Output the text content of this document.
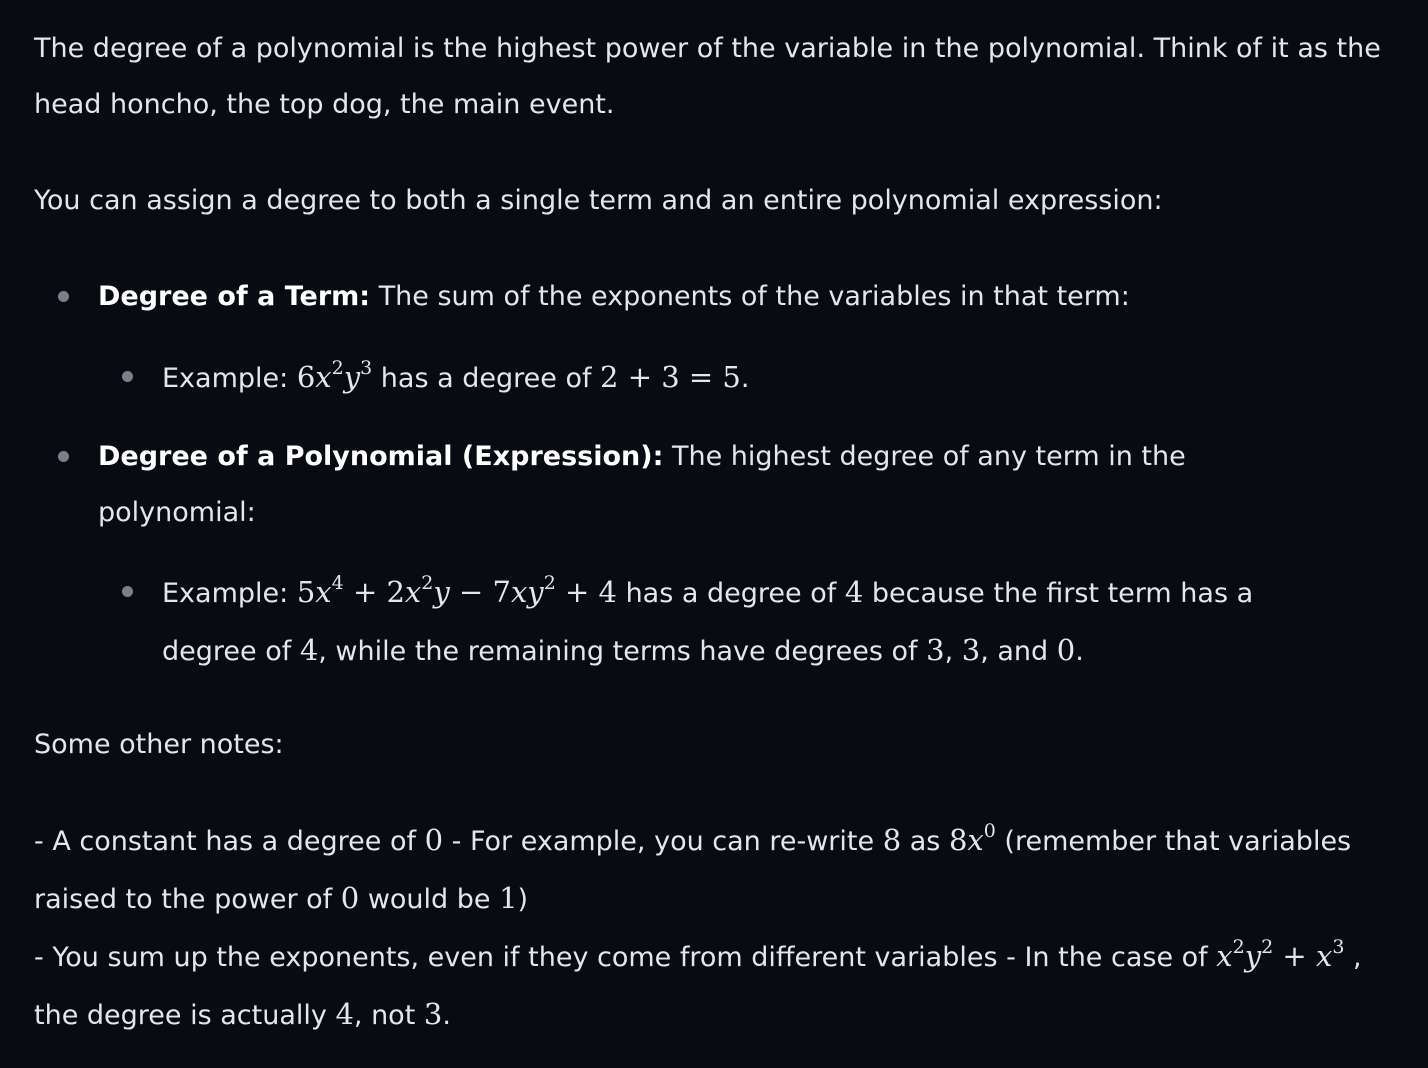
The degree of a polynomial is the highest power of the variable in the polynomial. Think of it as the head honcho, the top dog, the main event.

You can assign a degree to both a single term and an entire polynomial expression:

Degree of a Term: The sum of the exponents of the variables in that term:
Example: $6x^2y^3$ has a degree of 2 + 3 = 5.
Degree of a Polynomial (Expression): The highest degree of any term in the polynomial:
Example: $5x^4 + 2x^2y - 7xy^2 + 4$ has a degree of 4 because the first term has a
degree of 4, while the remaining terms have degrees of 3, 3, and 0.

Some other notes:

- A constant has a degree of 0 - For example, you can re-write 8 as $8x^0$ (remember that variables raised to the power of 0 would be 1)
- You sum up the exponents, even if they come from different variables - In the case of $x^2y^2 + x^3$ , the degree is actually 4, not 3.
